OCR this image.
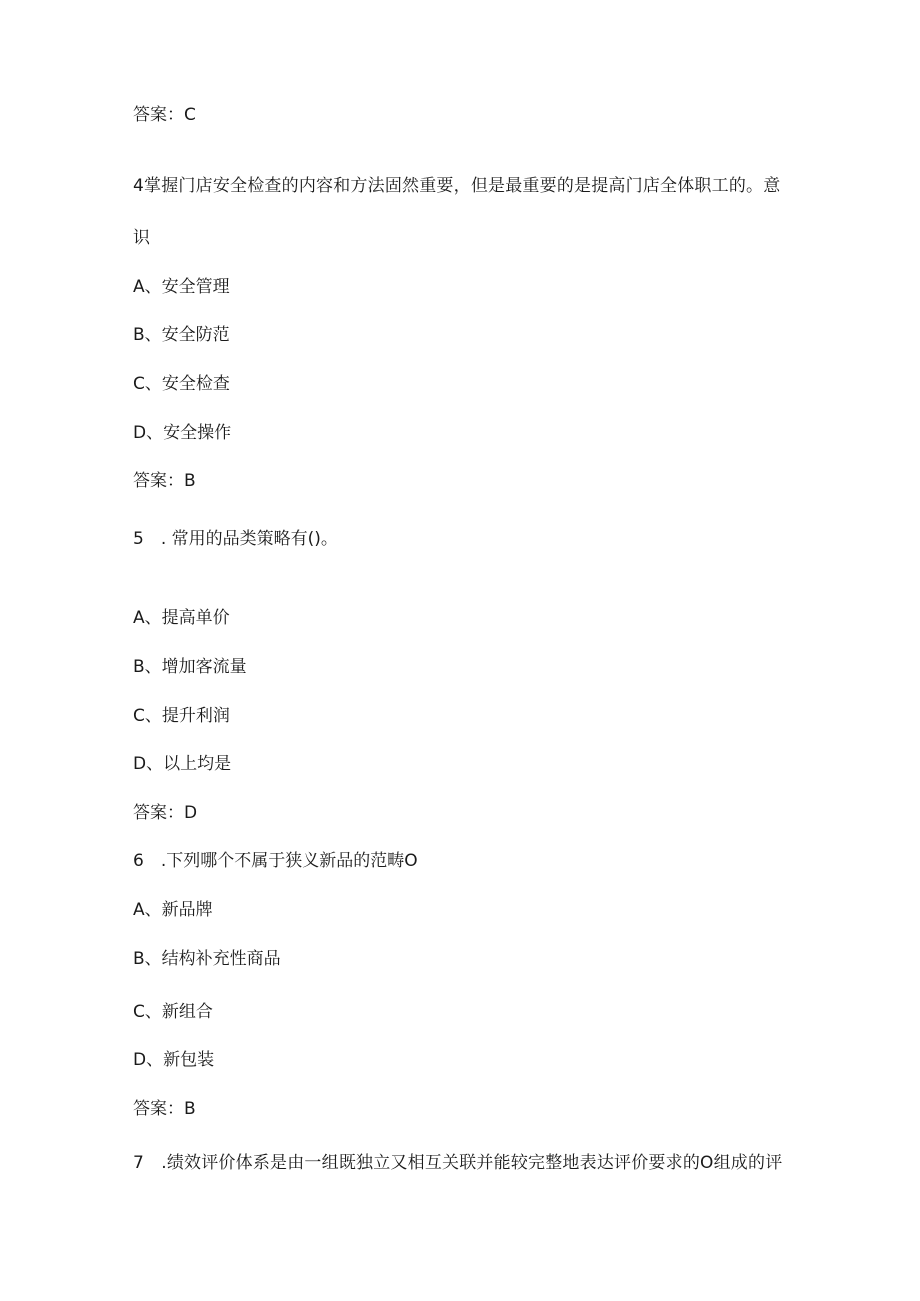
答案：C
4掌握门店安全检查的内容和方法固然重要，但是最重要的是提高门店全体职工的。意
识
A、安全管理
B、安全防范
C、安全检查
D、安全操作
答案：B
5　. 常用的品类策略有()。
A、提高单价
B、增加客流量
C、提升利润
D、以上均是
答案：D
6　.下列哪个不属于狭义新品的范畴O
A、新品牌
B、结构补充性商品
C、新组合
D、新包装
答案：B
7　.绩效评价体系是由一组既独立又相互关联并能较完整地表达评价要求的O组成的评
